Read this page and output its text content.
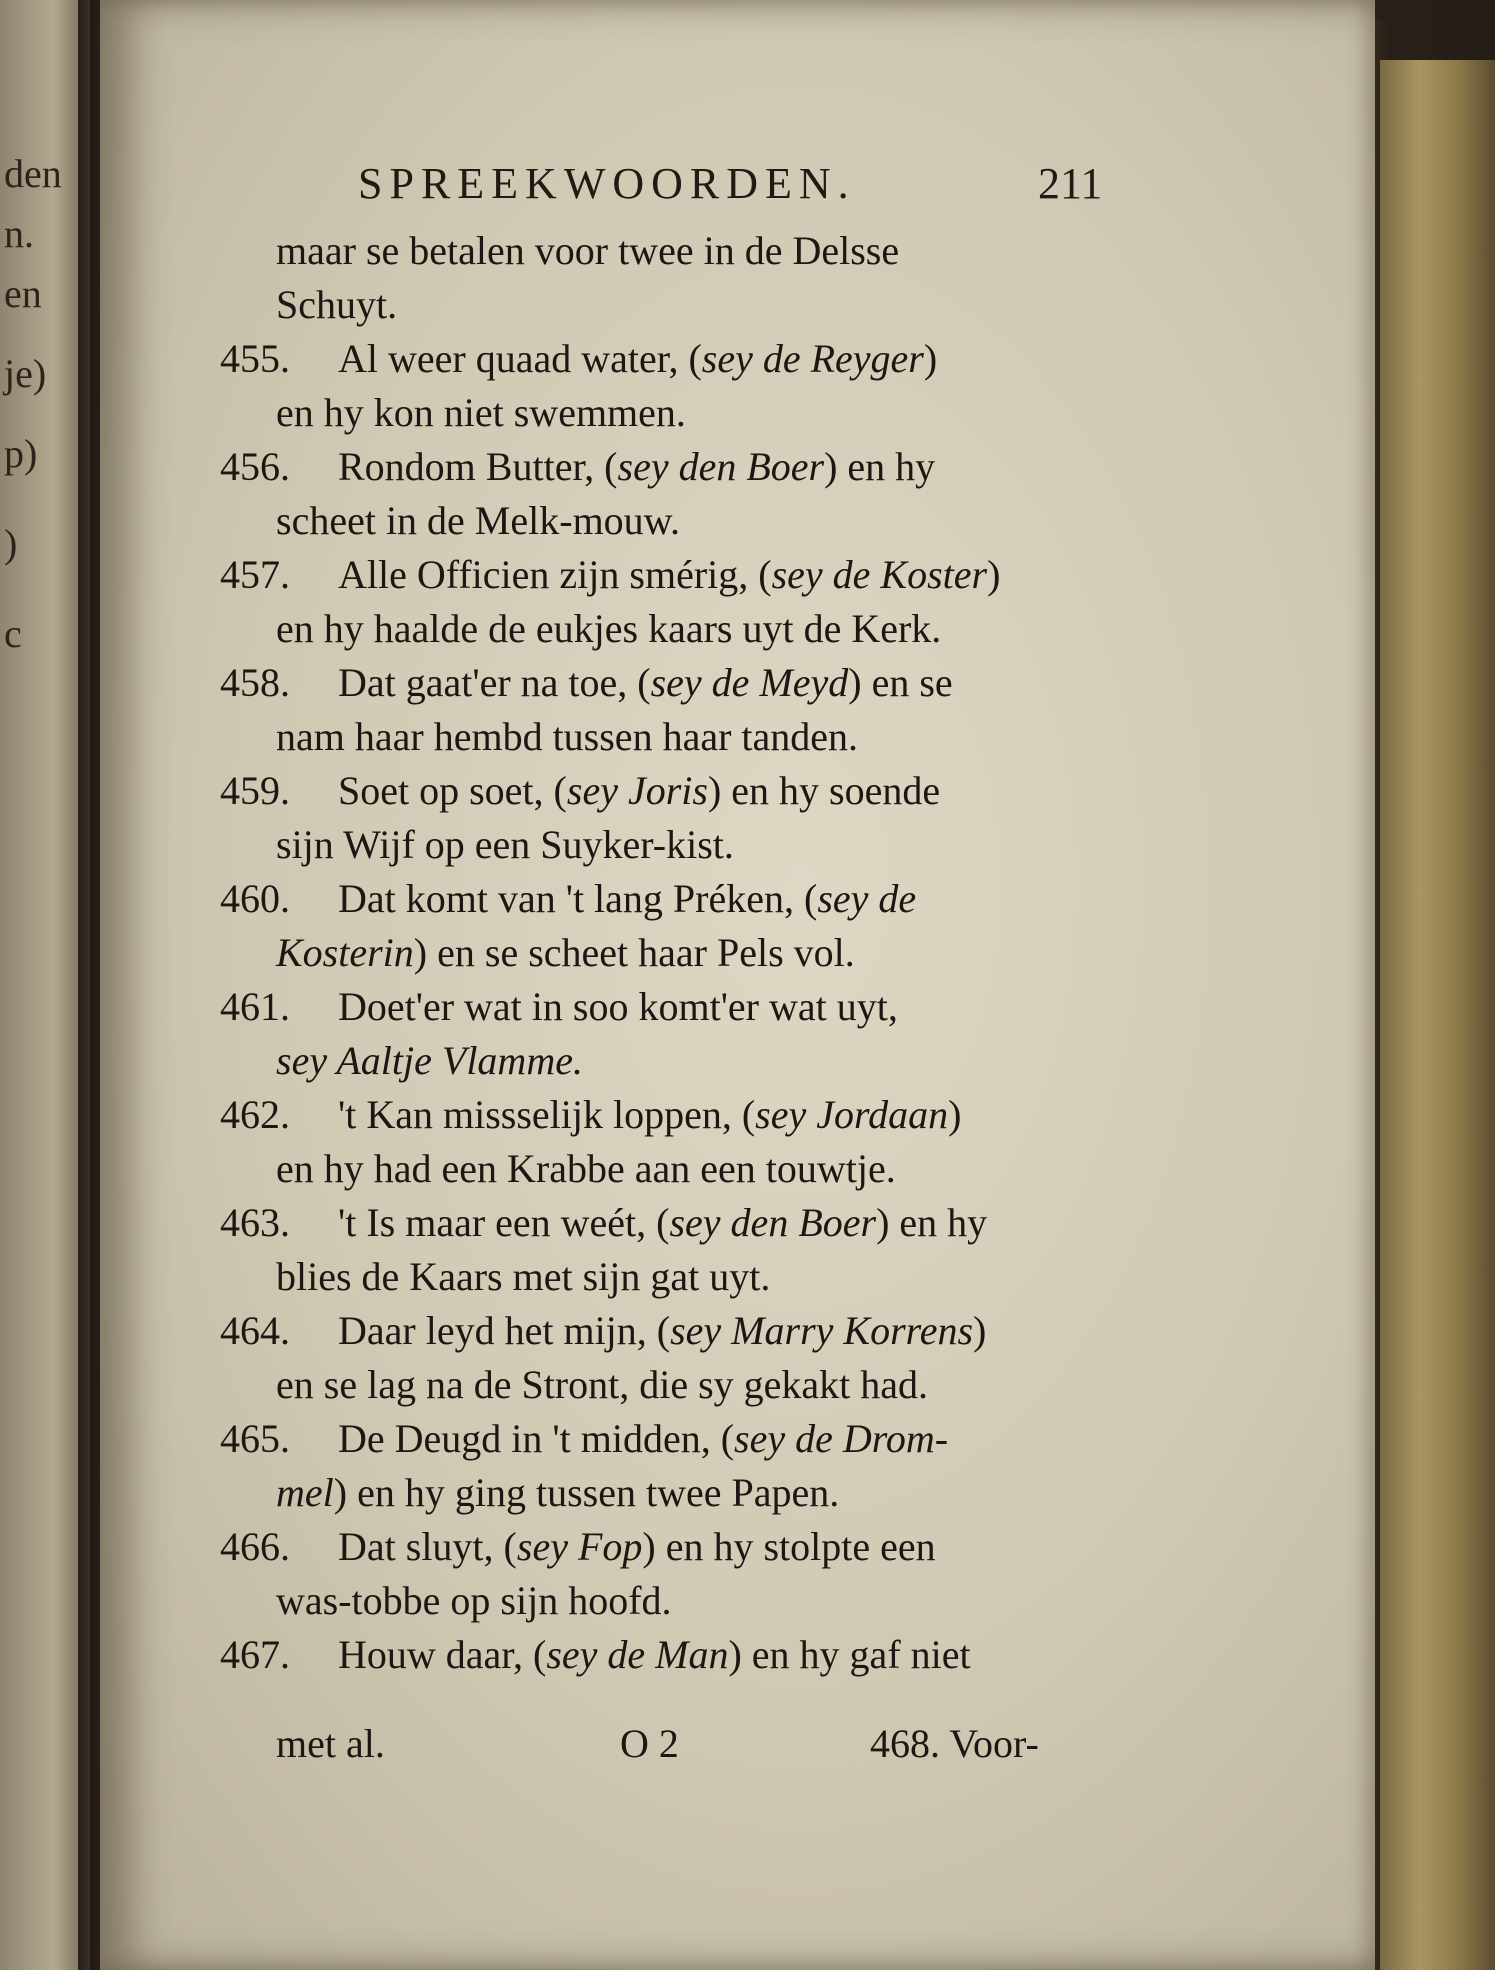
den
n.
en
je)
p)
)
c
SPREEKWOORDEN.	211
maar se betalen voor twee in de Delsse
Schuyt.
455. Al weer quaad water, (sey de Reyger)
en hy kon niet swemmen.
456. Rondom Butter, (sey den Boer) en hy
scheet in de Melk-mouw.
457. Alle Officien zijn smérig, (sey de Koster)
en hy haalde de eukjes kaars uyt de Kerk.
458. Dat gaat'er na toe, (sey de Meyd) en se
nam haar hembd tussen haar tanden.
459. Soet op soet, (sey Joris) en hy soende
sijn Wijf op een Suyker-kist.
460. Dat komt van 't lang Préken, (sey de
Kosterin) en se scheet haar Pels vol.
461. Doet'er wat in soo komt'er wat uyt,
sey Aaltje Vlamme.
462. 't Kan missselijk loppen, (sey Jordaan)
en hy had een Krabbe aan een touwtje.
463. 't Is maar een weét, (sey den Boer) en hy
blies de Kaars met sijn gat uyt.
464. Daar leyd het mijn, (sey Marry Korrens)
en se lag na de Stront, die sy gekakt had.
465. De Deugd in 't midden, (sey de Drom-
mel) en hy ging tussen twee Papen.
466. Dat sluyt, (sey Fop) en hy stolpte een
was-tobbe op sijn hoofd.
467. Houw daar, (sey de Man) en hy gaf niet
met al.	O 2	468. Voor-
